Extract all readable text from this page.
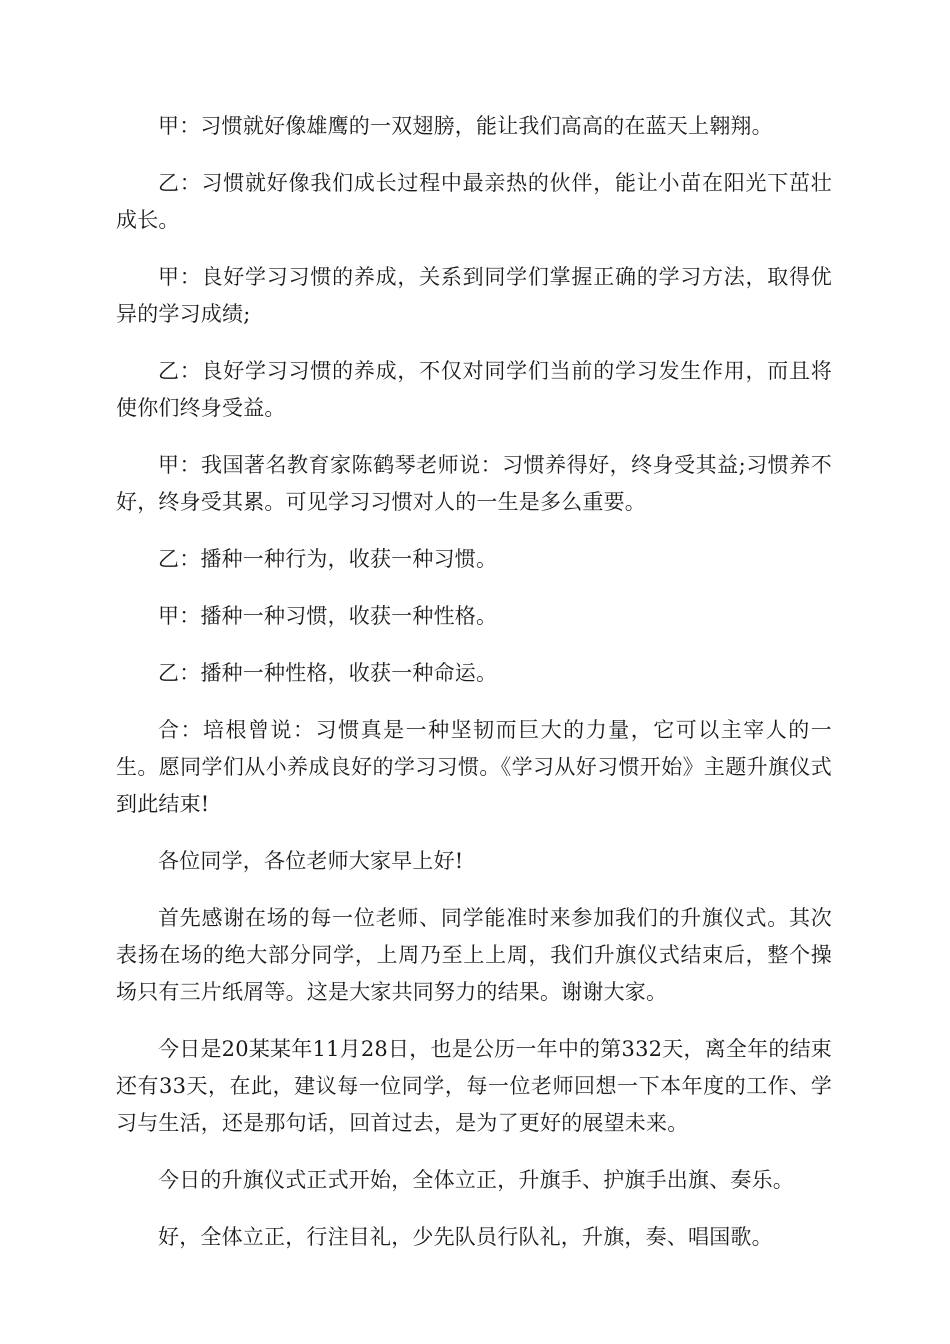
甲：习惯就好像雄鹰的一双翅膀，能让我们高高的在蓝天上翱翔。

乙：习惯就好像我们成长过程中最亲热的伙伴，能让小苗在阳光下茁壮成长。

甲：良好学习习惯的养成，关系到同学们掌握正确的学习方法，取得优异的学习成绩;

乙：良好学习习惯的养成，不仅对同学们当前的学习发生作用，而且将使你们终身受益。

甲：我国著名教育家陈鹤琴老师说：习惯养得好，终身受其益;习惯养不好，终身受其累。可见学习习惯对人的一生是多么重要。

乙：播种一种行为，收获一种习惯。

甲：播种一种习惯，收获一种性格。

乙：播种一种性格，收获一种命运。

合：培根曾说：习惯真是一种坚韧而巨大的力量，它可以主宰人的一生。愿同学们从小养成良好的学习习惯。《学习从好习惯开始》主题升旗仪式到此结束!

各位同学，各位老师大家早上好!

首先感谢在场的每一位老师、同学能准时来参加我们的升旗仪式。其次表扬在场的绝大部分同学，上周乃至上上周，我们升旗仪式结束后，整个操场只有三片纸屑等。这是大家共同努力的结果。谢谢大家。

今日是20某某年11月28日，也是公历一年中的第332天，离全年的结束还有33天，在此，建议每一位同学，每一位老师回想一下本年度的工作、学习与生活，还是那句话，回首过去，是为了更好的展望未来。

今日的升旗仪式正式开始，全体立正，升旗手、护旗手出旗、奏乐。

好，全体立正，行注目礼，少先队员行队礼，升旗，奏、唱国歌。
